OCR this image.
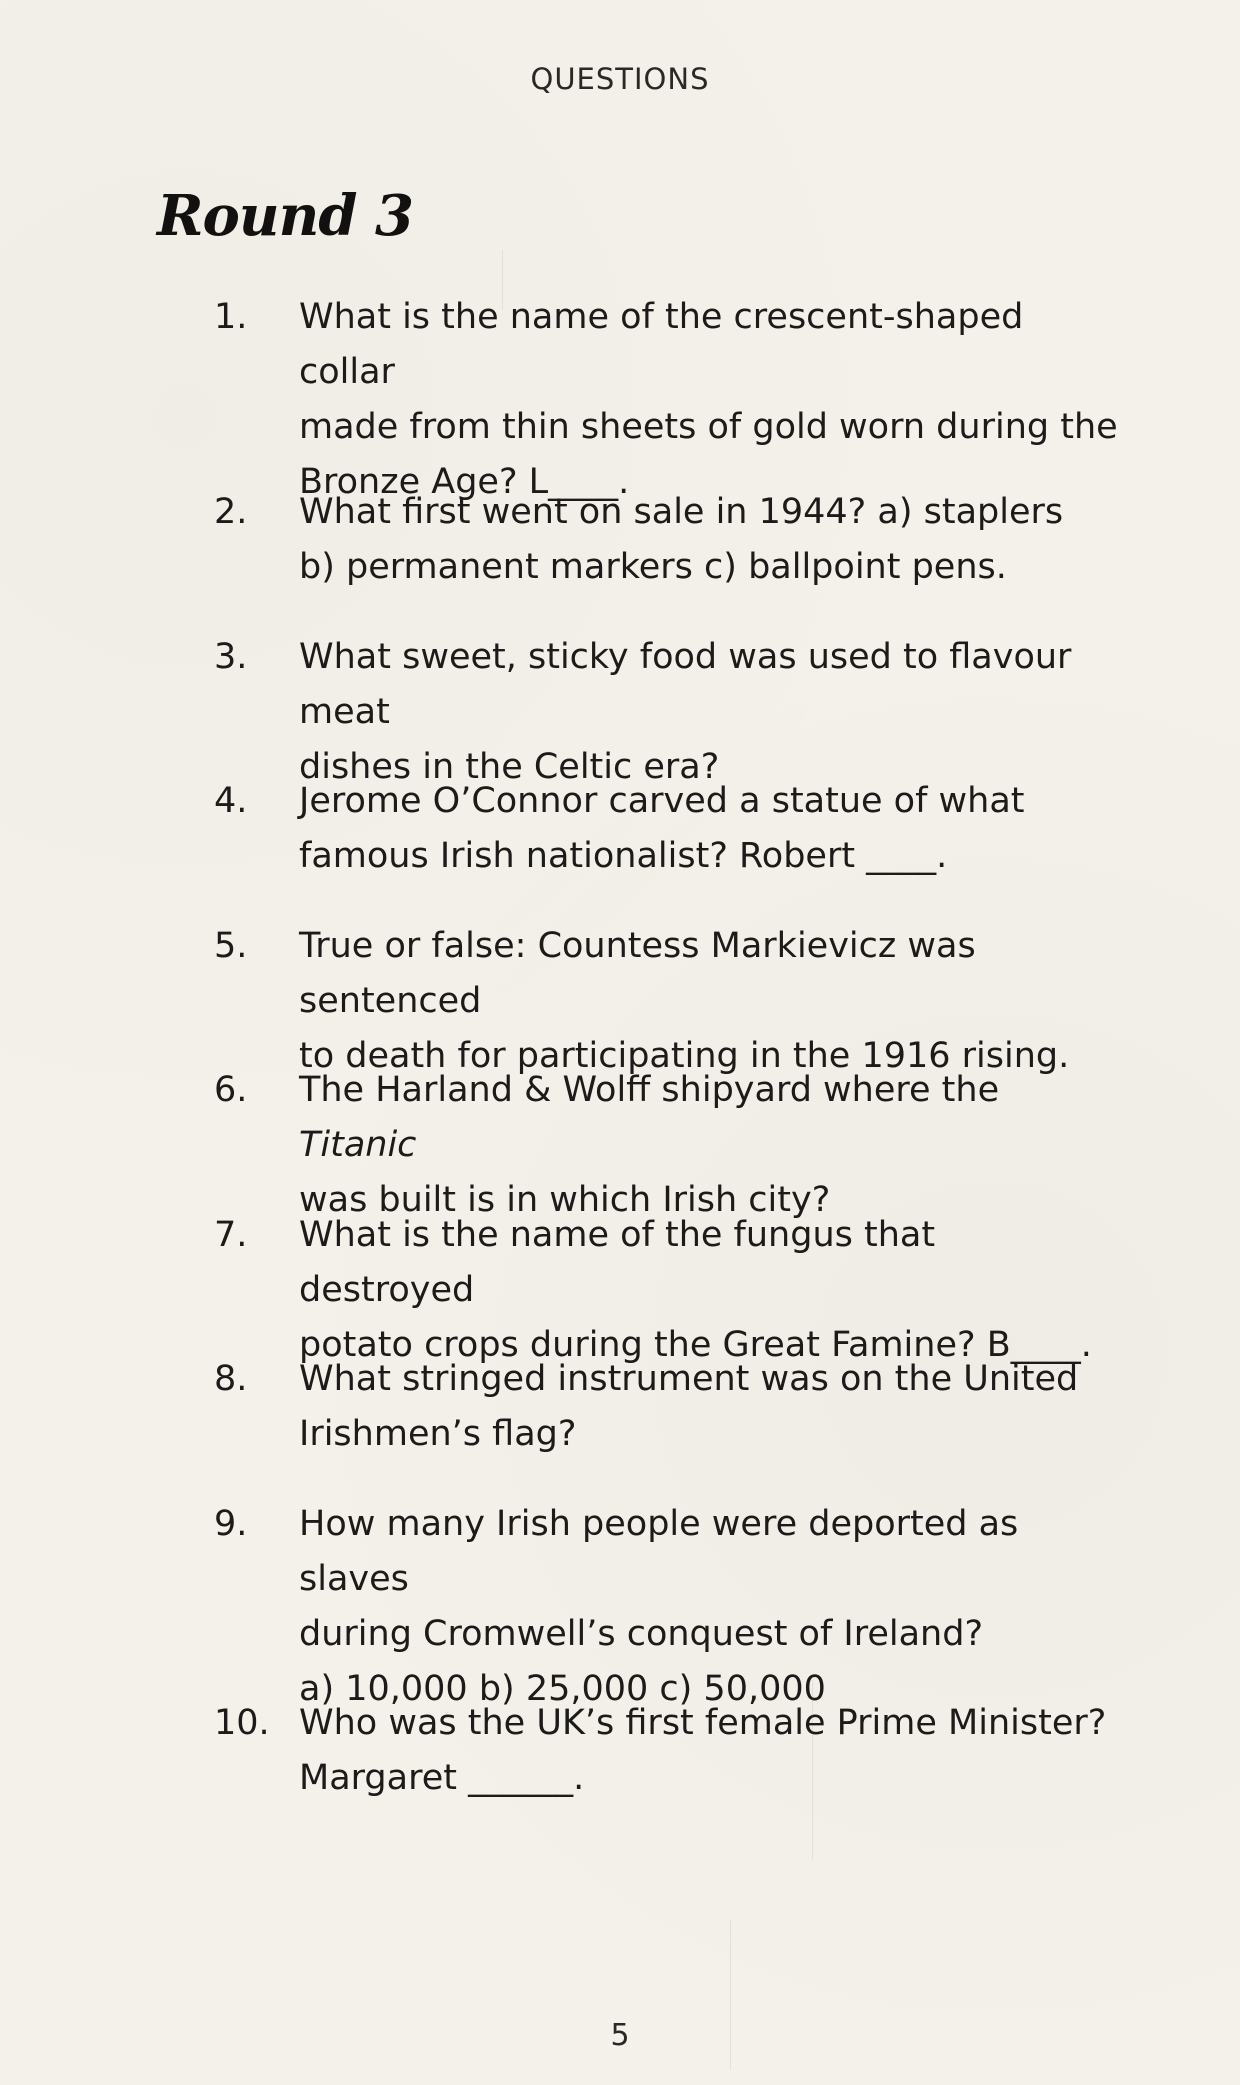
QUESTIONS
Round 3
1. What is the name of the crescent-shaped collar
made from thin sheets of gold worn during the
Bronze Age? L____.
2. What first went on sale in 1944? a) staplers
b) permanent markers c) ballpoint pens.
3. What sweet, sticky food was used to flavour meat
dishes in the Celtic era?
4. Jerome O’Connor carved a statue of what
famous Irish nationalist? Robert ____.
5. True or false: Countess Markievicz was sentenced
to death for participating in the 1916 rising.
6. The Harland & Wolff shipyard where the Titanic
was built is in which Irish city?
7. What is the name of the fungus that destroyed
potato crops during the Great Famine? B____.
8. What stringed instrument was on the United
Irishmen’s flag?
9. How many Irish people were deported as slaves
during Cromwell’s conquest of Ireland?
a) 10,000 b) 25,000 c) 50,000
10. Who was the UK’s first female Prime Minister?
Margaret ______.
5
